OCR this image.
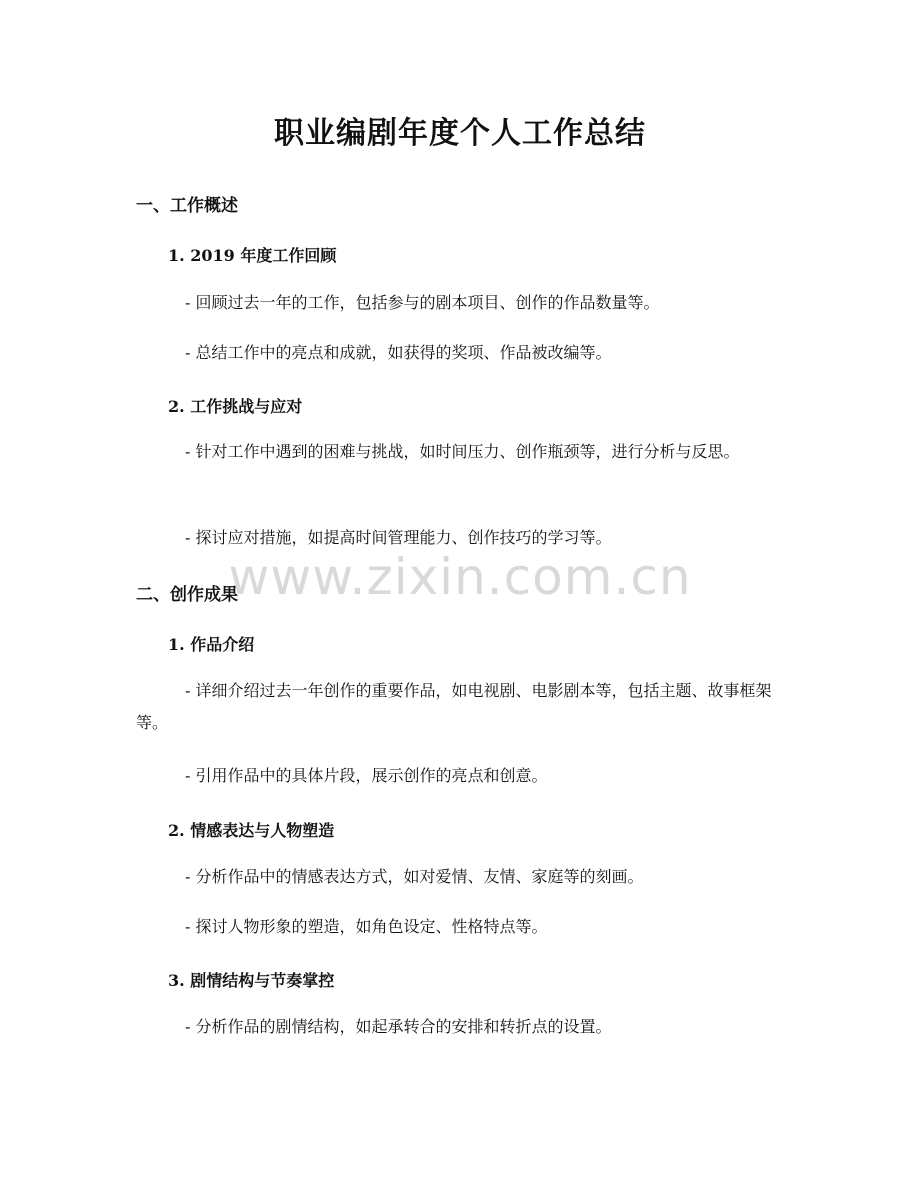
职业编剧年度个人工作总结
一、工作概述
1. 2019 年度工作回顾

- 回顾过去一年的工作，包括参与的剧本项目、创作的作品数量等。

- 总结工作中的亮点和成就，如获得的奖项、作品被改编等。

2. 工作挑战与应对

- 针对工作中遇到的困难与挑战，如时间压力、创作瓶颈等，进行分析与反思。

- 探讨应对措施，如提高时间管理能力、创作技巧的学习等。

二、创作成果
1. 作品介绍

- 详细介绍过去一年创作的重要作品，如电视剧、电影剧本等，包括主题、故事框架等。

- 引用作品中的具体片段，展示创作的亮点和创意。

2. 情感表达与人物塑造

- 分析作品中的情感表达方式，如对爱情、友情、家庭等的刻画。

- 探讨人物形象的塑造，如角色设定、性格特点等。

3. 剧情结构与节奏掌控

- 分析作品的剧情结构，如起承转合的安排和转折点的设置。

www.zixin.com.cn
